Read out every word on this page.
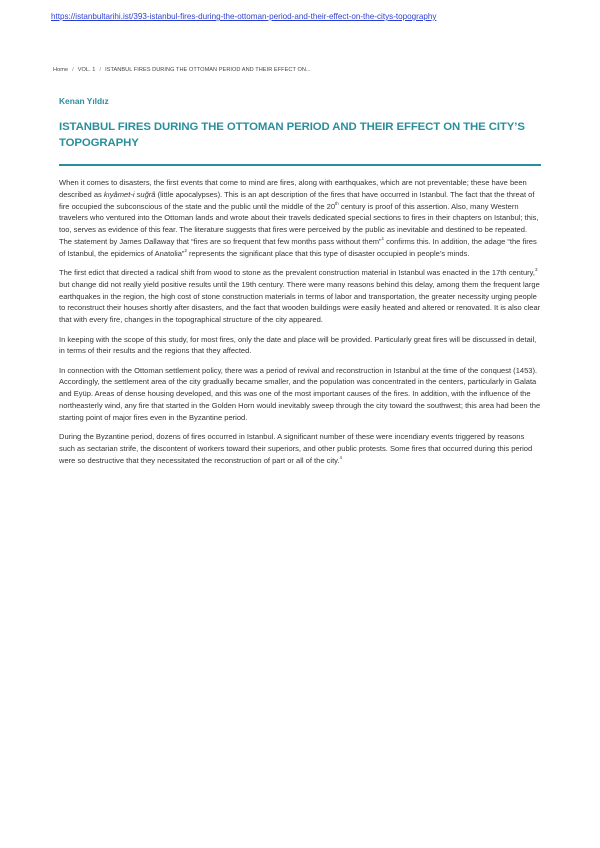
https://istanbultarihi.ist/393-istanbul-fires-during-the-ottoman-period-and-their-effect-on-the-citys-topography
Home / VOL. 1 / ISTANBUL FIRES DURING THE OTTOMAN PERIOD AND THEIR EFFECT ON...
Kenan Yıldız
ISTANBUL FIRES DURING THE OTTOMAN PERIOD AND THEIR EFFECT ON THE CITY’S TOPOGRAPHY

When it comes to disasters, the first events that come to mind are fires, along with earthquakes, which are not preventable; these have been described as kıyâmet-i suğrâ (little apocalypses). This is an apt description of the fires that have occurred in Istanbul. The fact that the threat of fire occupied the subconscious of the state and the public until the middle of the 20th century is proof of this assertion. Also, many Western travelers who ventured into the Ottoman lands and wrote about their travels dedicated special sections to fires in their chapters on Istanbul; this, too, serves as evidence of this fear. The literature suggests that fires were perceived by the public as inevitable and destined to be repeated. The statement by James Dallaway that “fires are so frequent that few months pass without them”$^1$ confirms this. In addition, the adage “the fires of Istanbul, the epidemics of Anatolia”$^2$ represents the significant place that this type of disaster occupied in people’s minds.

The first edict that directed a radical shift from wood to stone as the prevalent construction material in Istanbul was enacted in the 17th century,$^3$ but change did not really yield positive results until the 19th century. There were many reasons behind this delay, among them the frequent large earthquakes in the region, the high cost of stone construction materials in terms of labor and transportation, the greater necessity urging people to reconstruct their houses shortly after disasters, and the fact that wooden buildings were easily heated and altered or renovated. It is also clear that with every fire, changes in the topographical structure of the city appeared.

In keeping with the scope of this study, for most fires, only the date and place will be provided. Particularly great fires will be discussed in detail, in terms of their results and the regions that they affected.

In connection with the Ottoman settlement policy, there was a period of revival and reconstruction in Istanbul at the time of the conquest (1453). Accordingly, the settlement area of the city gradually became smaller, and the population was concentrated in the centers, particularly in Galata and Eyüp. Areas of dense housing developed, and this was one of the most important causes of the fires. In addition, with the influence of the northeasterly wind, any fire that started in the Golden Horn would inevitably sweep through the city toward the southwest; this area had been the starting point of major fires even in the Byzantine period.

During the Byzantine period, dozens of fires occurred in Istanbul. A significant number of these were incendiary events triggered by reasons such as sectarian strife, the discontent of workers toward their superiors, and other public protests. Some fires that occurred during this period were so destructive that they necessitated the reconstruction of part or all of the city.$^4$
